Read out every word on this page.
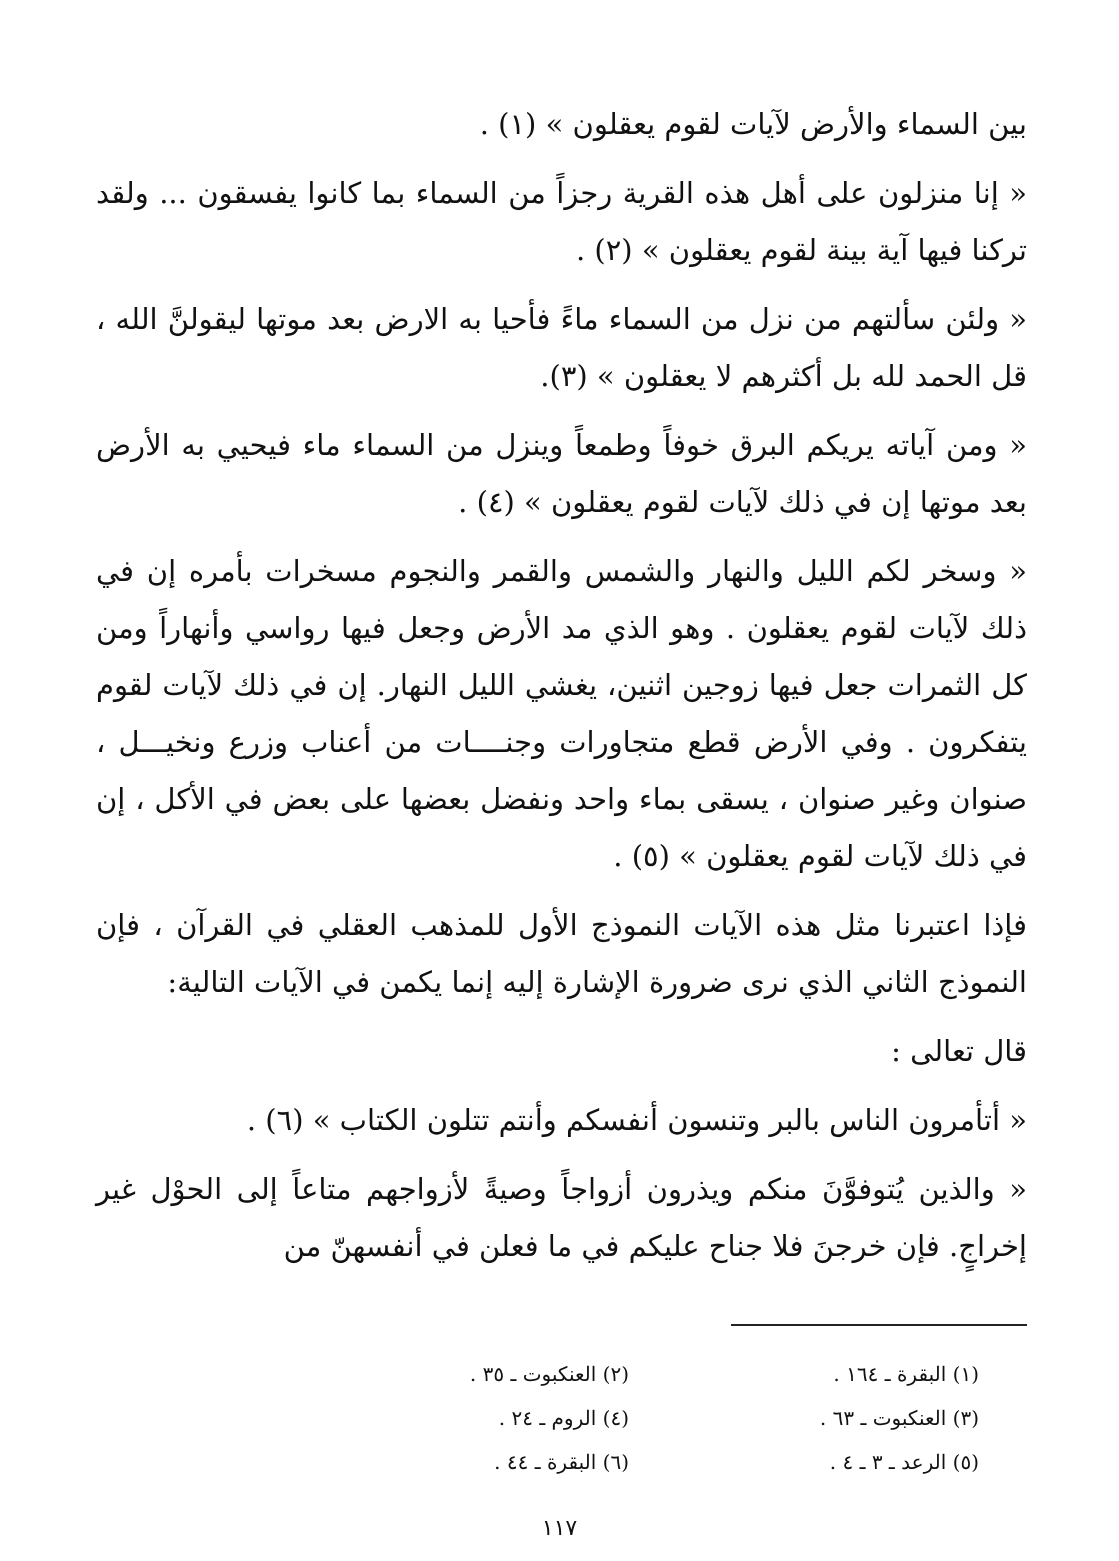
بين السماء والأرض لآيات لقوم يعقلون » (١) .

« إنا منزلون على أهل هذه القرية رجزاً من السماء بما كانوا يفسقون ... ولقد تركنا فيها آية بينة لقوم يعقلون » (٢) .

« ولئن سألتهم من نزل من السماء ماءً فأحيا به الارض بعد موتها ليقولنَّ الله ، قل الحمد لله بل أكثرهم لا يعقلون » (٣).

« ومن آياته يريكم البرق خوفاً وطمعاً وينزل من السماء ماء فيحيي به الأرض بعد موتها إن في ذلك لآيات لقوم يعقلون » (٤) .

« وسخر لكم الليل والنهار والشمس والقمر والنجوم مسخرات بأمره إن في ذلك لآيات لقوم يعقلون . وهو الذي مد الأرض وجعل فيها رواسي وأنهاراً ومن كل الثمرات جعل فيها زوجين اثنين، يغشي الليل النهار. إن في ذلك لآيات لقوم يتفكرون . وفي الأرض قطع متجاورات وجنــــات من أعناب وزرع ونخيـــل ، صنوان وغير صنوان ، يسقى بماء واحد ونفضل بعضها على بعض في الأكل ، إن في ذلك لآيات لقوم يعقلون » (٥) .

فإذا اعتبرنا مثل هذه الآيات النموذج الأول للمذهب العقلي في القرآن ، فإن النموذج الثاني الذي نرى ضرورة الإشارة إليه إنما يكمن في الآيات التالية:

قال تعالى :

« أتأمرون الناس بالبر وتنسون أنفسكم وأنتم تتلون الكتاب » (٦) .

« والذين يُتوفوَّنَ منكم ويذرون أزواجاً وصيةً لأزواجهم متاعاً إلى الحوْل غير إخراجٍ. فإن خرجنَ فلا جناح عليكم في ما فعلن في أنفسهنّ من

(١) البقرة ـ ١٦٤ .
(٢) العنكبوت ـ ٣٥ .
(٣) العنكبوت ـ ٦٣ .
(٤) الروم ـ ٢٤ .
(٥) الرعد ـ ٣ ـ ٤ .
(٦) البقرة ـ ٤٤ .
١١٧
